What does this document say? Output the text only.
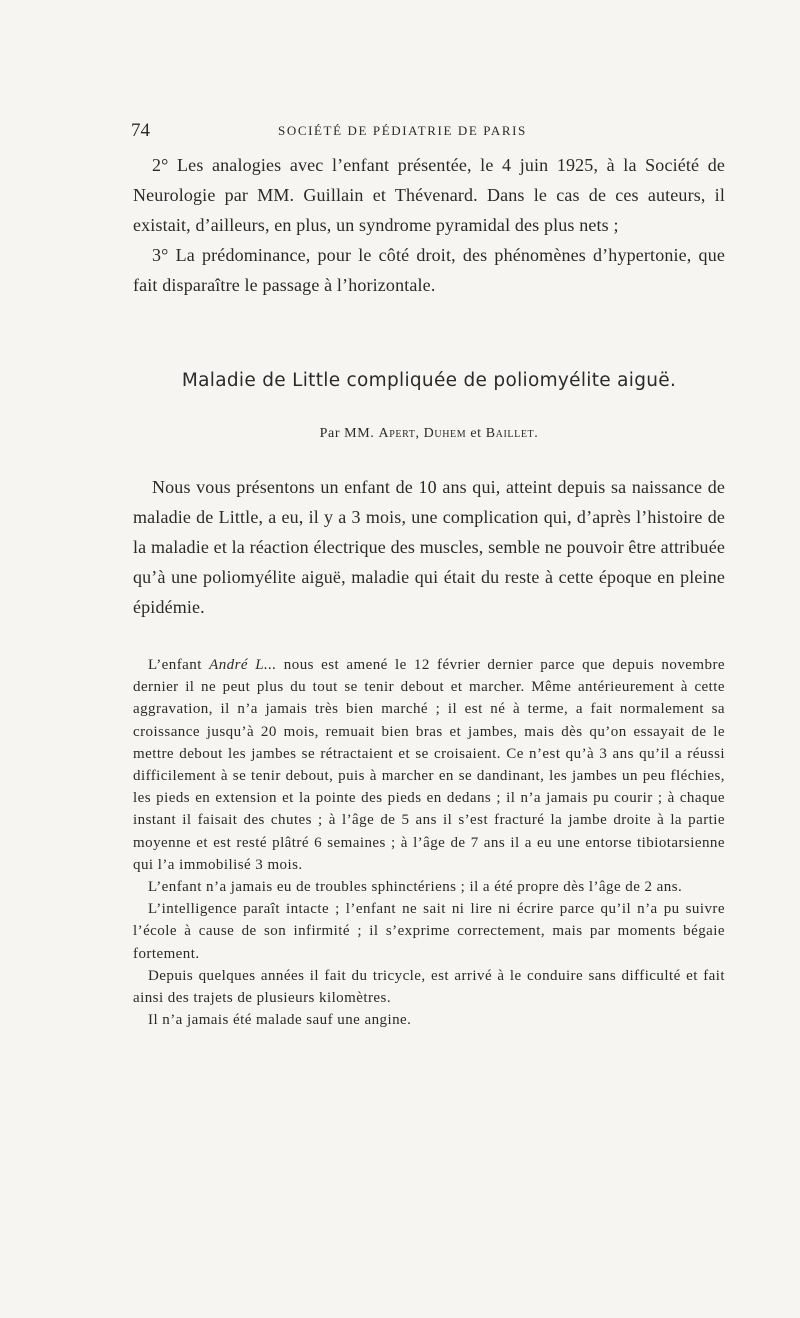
74	SOCIÉTÉ DE PÉDIATRIE DE PARIS

2° Les analogies avec l’enfant présentée, le 4 juin 1925, à la Société de Neurologie par MM. Guillain et Thévenard. Dans le cas de ces auteurs, il existait, d’ailleurs, en plus, un syndrome pyramidal des plus nets ;

3° La prédominance, pour le côté droit, des phénomènes d’hypertonie, que fait disparaître le passage à l’horizontale.

Maladie de Little compliquée de poliomyélite aiguë.
Par MM. Apert, Duhem et Baillet.

Nous vous présentons un enfant de 10 ans qui, atteint depuis sa naissance de maladie de Little, a eu, il y a 3 mois, une complication qui, d’après l’histoire de la maladie et la réaction électrique des muscles, semble ne pouvoir être attribuée qu’à une poliomyélite aiguë, maladie qui était du reste à cette époque en pleine épidémie.

L’enfant André L... nous est amené le 12 février dernier parce que depuis novembre dernier il ne peut plus du tout se tenir debout et marcher. Même antérieurement à cette aggravation, il n’a jamais très bien marché ; il est né à terme, a fait normalement sa croissance jusqu’à 20 mois, remuait bien bras et jambes, mais dès qu’on essayait de le mettre debout les jambes se rétractaient et se croisaient. Ce n’est qu’à 3 ans qu’il a réussi difficilement à se tenir debout, puis à marcher en se dandinant, les jambes un peu fléchies, les pieds en extension et la pointe des pieds en dedans ; il n’a jamais pu courir ; à chaque instant il faisait des chutes ; à l’âge de 5 ans il s’est fracturé la jambe droite à la partie moyenne et est resté plâtré 6 semaines ; à l’âge de 7 ans il a eu une entorse tibiotarsienne qui l’a immobilisé 3 mois.

L’enfant n’a jamais eu de troubles sphinctériens ; il a été propre dès l’âge de 2 ans.

L’intelligence paraît intacte ; l’enfant ne sait ni lire ni écrire parce qu’il n’a pu suivre l’école à cause de son infirmité ; il s’exprime correctement, mais par moments bégaie fortement.

Depuis quelques années il fait du tricycle, est arrivé à le conduire sans difficulté et fait ainsi des trajets de plusieurs kilomètres.

Il n’a jamais été malade sauf une angine.
